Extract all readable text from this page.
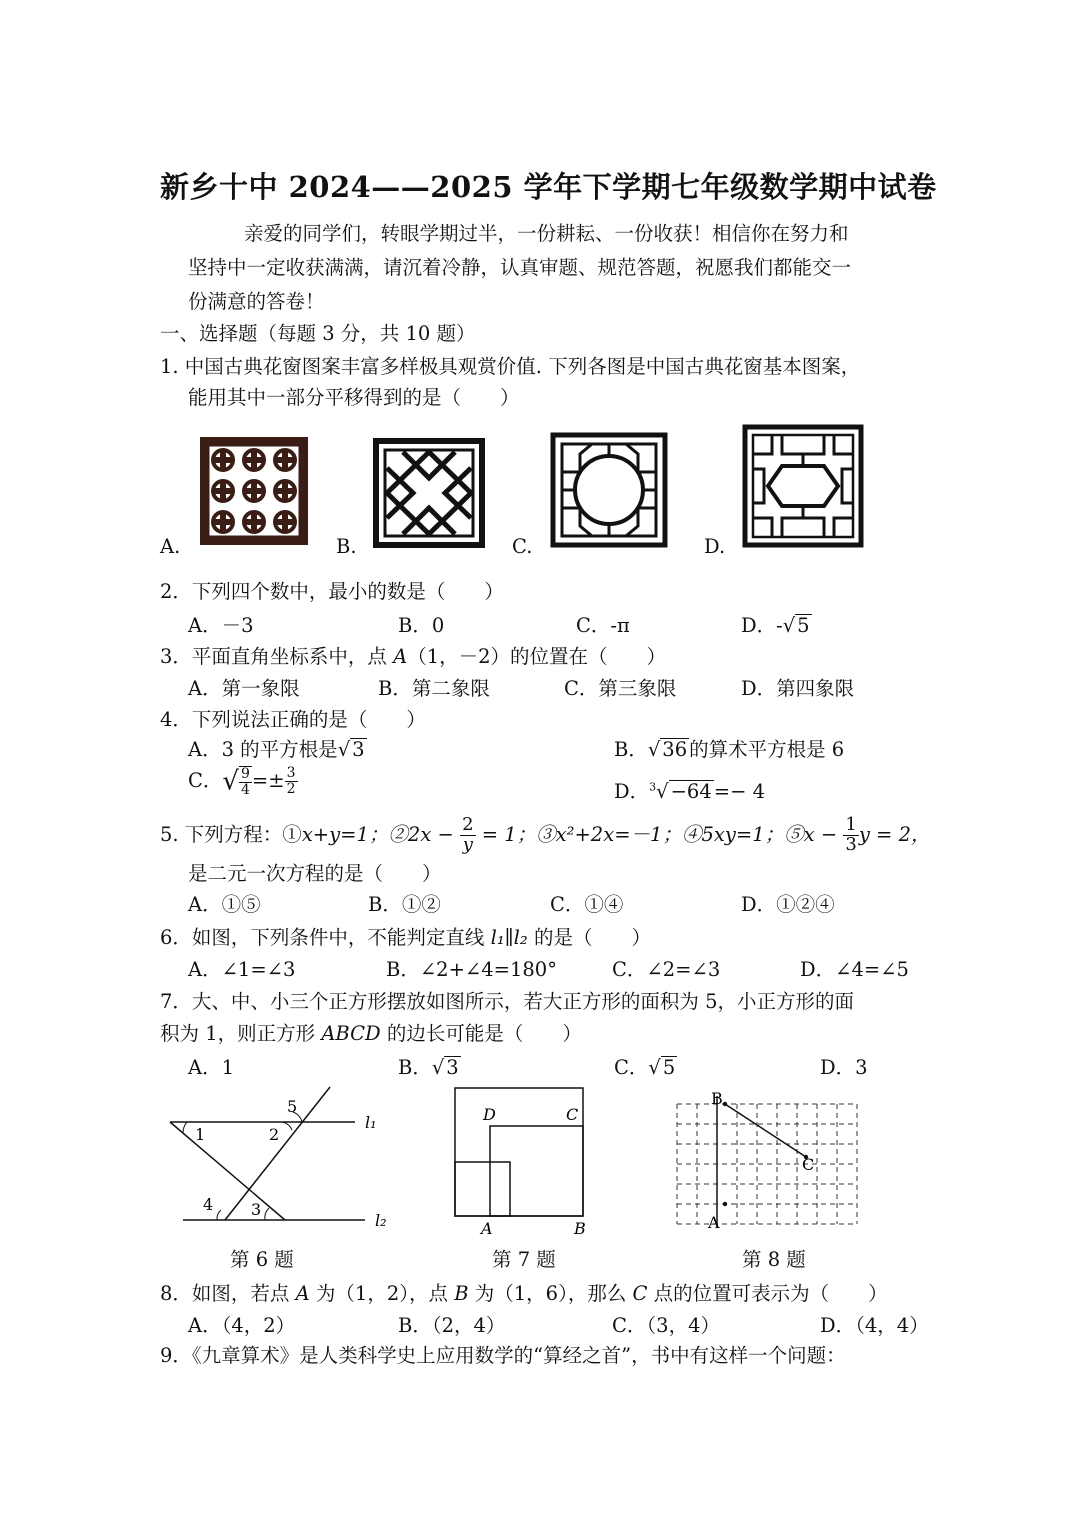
新乡十中 2024——2025 学年下学期七年级数学期中试卷
亲爱的同学们，转眼学期过半，一份耕耘、一份收获！相信你在努力和
坚持中一定收获满满，请沉着冷静，认真审题、规范答题，祝愿我们都能交一
份满意的答卷！
一、选择题（每题 3 分，共 10 题）
1. 中国古典花窗图案丰富多样极具观赏价值. 下列各图是中国古典花窗基本图案，
能用其中一部分平移得到的是（　　）
A.	B.	C.	D.
2．下列四个数中，最小的数是（　　）
A．－3	B．0	C．-π	D．-√ 5
3．平面直角坐标系中，点 A（1，－2）的位置在（　　）
A．第一象限	B．第二象限	C．第三象限	D．第四象限
4．下列说法正确的是（　　）
A．3 的平方根是√ 3	B．√ 36 的算术平方根是 6
C．√ $\frac{9}{4} =\pm \frac{3}{2}$	D．$^3$√ −64 =− 4
5. 下列方程：①x+y=1；②2x − $\frac{2}{y} = 1$；③x²+2x=－1；④5xy=1；⑤x − $\frac{1}{3}$ y = 2，
是二元一次方程的是（　　）
A．①⑤	B．①②	C．①④	D．①②④
6．如图，下列条件中，不能判定直线 l₁∥l₂ 的是（　　）
A．∠1=∠3	B．∠2+∠4=180°	C．∠2=∠3	D．∠4=∠5
7．大、中、小三个正方形摆放如图所示，若大正方形的面积为 5，小正方形的面
积为 1，则正方形 ABCD 的边长可能是（　　）
A．1	B．√ 3	C．√ 5	D．3
1	2
3
4
5
l₁
l₂
第 6 题
D	C
A	B
第 7 题
B
C
A
第 8 题
8．如图，若点 A 为（1，2），点 B 为（1，6），那么 C 点的位置可表示为（　　）
A．（4，2）	B．（2，4）	C．（3，4）	D．（4，4）
9．《九章算术》是人类科学史上应用数学的“算经之首”，书中有这样一个问题：
